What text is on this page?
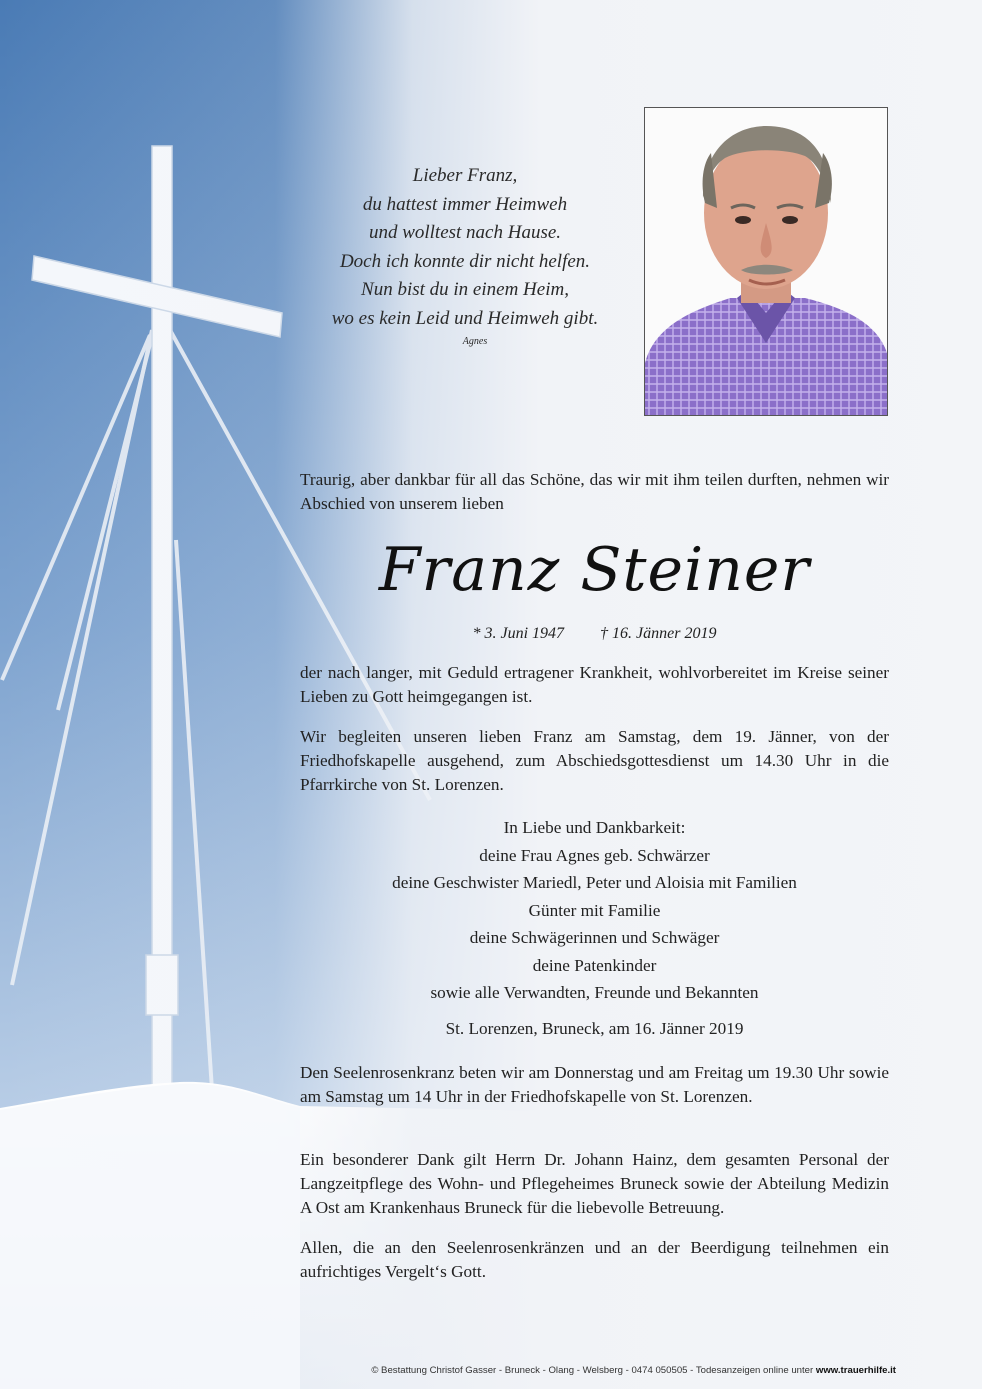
Lieber Franz,
du hattest immer Heimweh
und wolltest nach Hause.
Doch ich konnte dir nicht helfen.
Nun bist du in einem Heim,
wo es kein Leid und Heimweh gibt.
Agnes
Traurig, aber dankbar für all das Schöne, das wir mit ihm teilen durften, nehmen wir Abschied von unserem lieben
Franz Steiner
* 3. Juni 1947 † 16. Jänner 2019
der nach langer, mit Geduld ertragener Krankheit, wohlvorbereitet im Kreise seiner Lieben zu Gott heimgegangen ist.
Wir begleiten unseren lieben Franz am Samstag, dem 19. Jänner, von der Friedhofskapelle ausgehend, zum Abschiedsgottesdienst um 14.30 Uhr in die Pfarrkirche von St. Lorenzen.
In Liebe und Dankbarkeit:
deine Frau Agnes geb. Schwärzer
deine Geschwister Mariedl, Peter und Aloisia mit Familien
Günter mit Familie
deine Schwägerinnen und Schwäger
deine Patenkinder
sowie alle Verwandten, Freunde und Bekannten
St. Lorenzen, Bruneck, am 16. Jänner 2019
Den Seelenrosenkranz beten wir am Donnerstag und am Freitag um 19.30 Uhr sowie am Samstag um 14 Uhr in der Friedhofskapelle von St. Lorenzen.
Ein besonderer Dank gilt Herrn Dr. Johann Hainz, dem gesamten Personal der Langzeitpflege des Wohn- und Pflegeheimes Bruneck sowie der Abteilung Medizin A Ost am Krankenhaus Bruneck für die liebevolle Betreuung.
Allen, die an den Seelenrosenkränzen und an der Beerdigung teilnehmen ein aufrichtiges Vergelt‘s Gott.
© Bestattung Christof Gasser - Bruneck - Olang - Welsberg - 0474 050505 - Todesanzeigen online unter www.trauerhilfe.it
